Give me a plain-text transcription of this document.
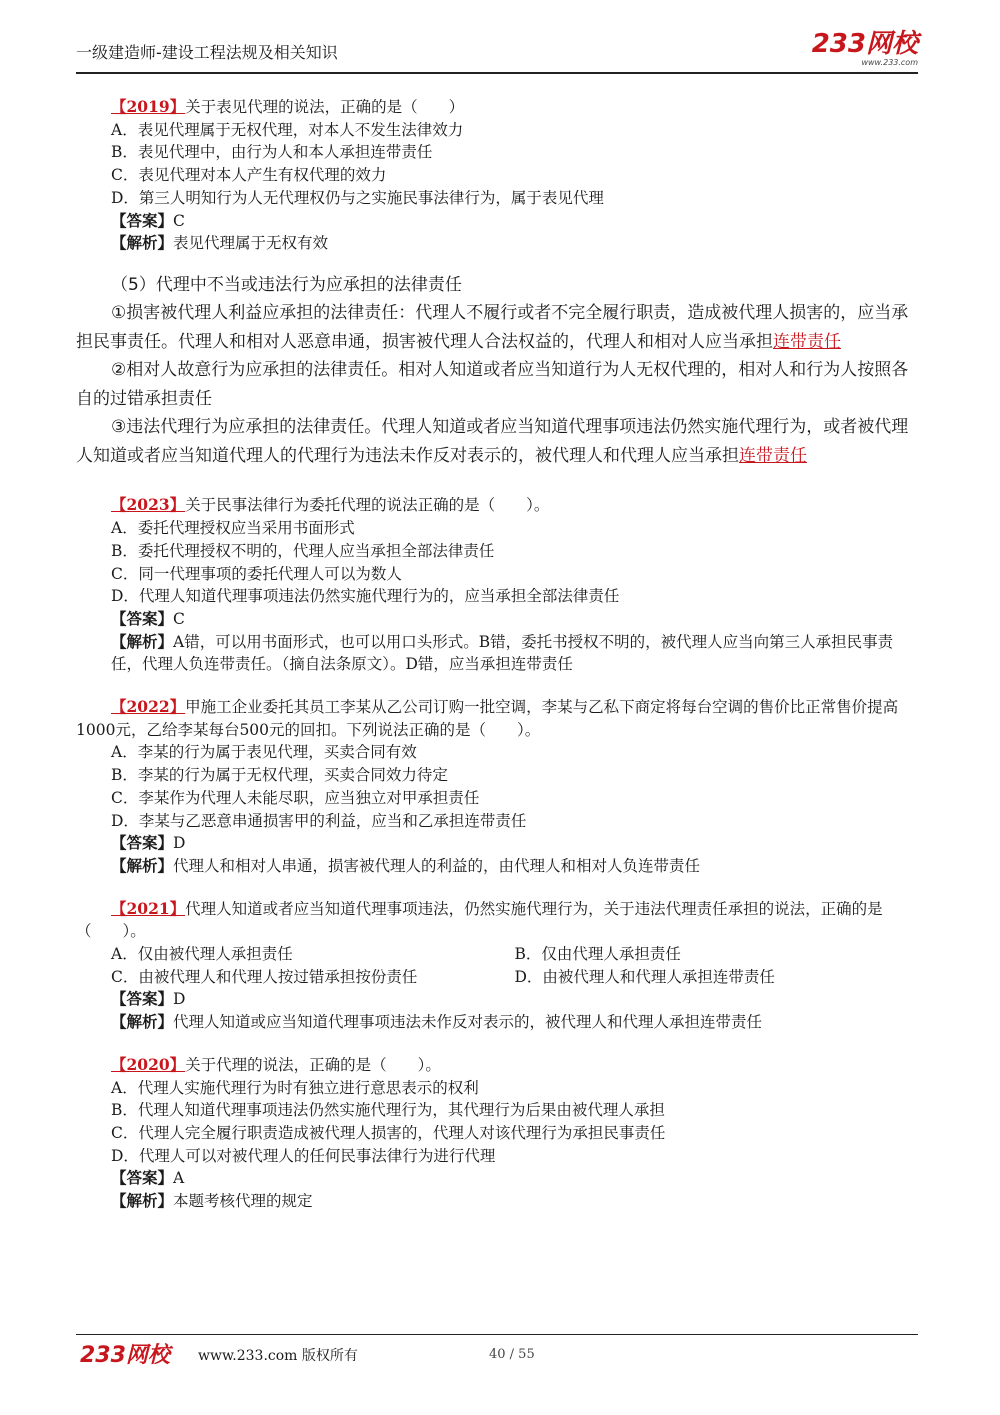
一级建造师-建设工程法规及相关知识	233网校
www.233.com

【2019】关于表见代理的说法，正确的是（　　）

A．表见代理属于无权代理，对本人不发生法律效力

B．表见代理中，由行为人和本人承担连带责任

C．表见代理对本人产生有权代理的效力

D．第三人明知行为人无代理权仍与之实施民事法律行为，属于表见代理

【答案】C

【解析】表见代理属于无权有效

（5）代理中不当或违法行为应承担的法律责任

①损害被代理人利益应承担的法律责任：代理人不履行或者不完全履行职责，造成被代理人损害的，应当承担民事责任。代理人和相对人恶意串通，损害被代理人合法权益的，代理人和相对人应当承担连带责任

②相对人故意行为应承担的法律责任。相对人知道或者应当知道行为人无权代理的，相对人和行为人按照各自的过错承担责任

③违法代理行为应承担的法律责任。代理人知道或者应当知道代理事项违法仍然实施代理行为，或者被代理人知道或者应当知道代理人的代理行为违法未作反对表示的，被代理人和代理人应当承担连带责任

【2023】关于民事法律行为委托代理的说法正确的是（　　）。

A．委托代理授权应当采用书面形式

B．委托代理授权不明的，代理人应当承担全部法律责任

C．同一代理事项的委托代理人可以为数人

D．代理人知道代理事项违法仍然实施代理行为的，应当承担全部法律责任

【答案】C

【解析】A错，可以用书面形式，也可以用口头形式。B错，委托书授权不明的，被代理人应当向第三人承担民事责任，代理人负连带责任。（摘自法条原文）。D错，应当承担连带责任

【2022】甲施工企业委托其员工李某从乙公司订购一批空调，李某与乙私下商定将每台空调的售价比正常售价提高1000元，乙给李某每台500元的回扣。下列说法正确的是（　　）。

A．李某的行为属于表见代理，买卖合同有效

B．李某的行为属于无权代理，买卖合同效力待定

C．李某作为代理人未能尽职，应当独立对甲承担责任

D．李某与乙恶意串通损害甲的利益，应当和乙承担连带责任

【答案】D

【解析】代理人和相对人串通，损害被代理人的利益的，由代理人和相对人负连带责任

【2021】代理人知道或者应当知道代理事项违法，仍然实施代理行为，关于违法代理责任承担的说法，正确的是（　　）。

A．仅由被代理人承担责任	B．仅由代理人承担责任

C．由被代理人和代理人按过错承担按份责任	D．由被代理人和代理人承担连带责任

【答案】D

【解析】代理人知道或应当知道代理事项违法未作反对表示的，被代理人和代理人承担连带责任

【2020】关于代理的说法，正确的是（　　）。

A．代理人实施代理行为时有独立进行意思表示的权利

B．代理人知道代理事项违法仍然实施代理行为，其代理行为后果由被代理人承担

C．代理人完全履行职责造成被代理人损害的，代理人对该代理行为承担民事责任

D．代理人可以对被代理人的任何民事法律行为进行代理

【答案】A

【解析】本题考核代理的规定

233网校 www.233.com 版权所有	40 / 55
